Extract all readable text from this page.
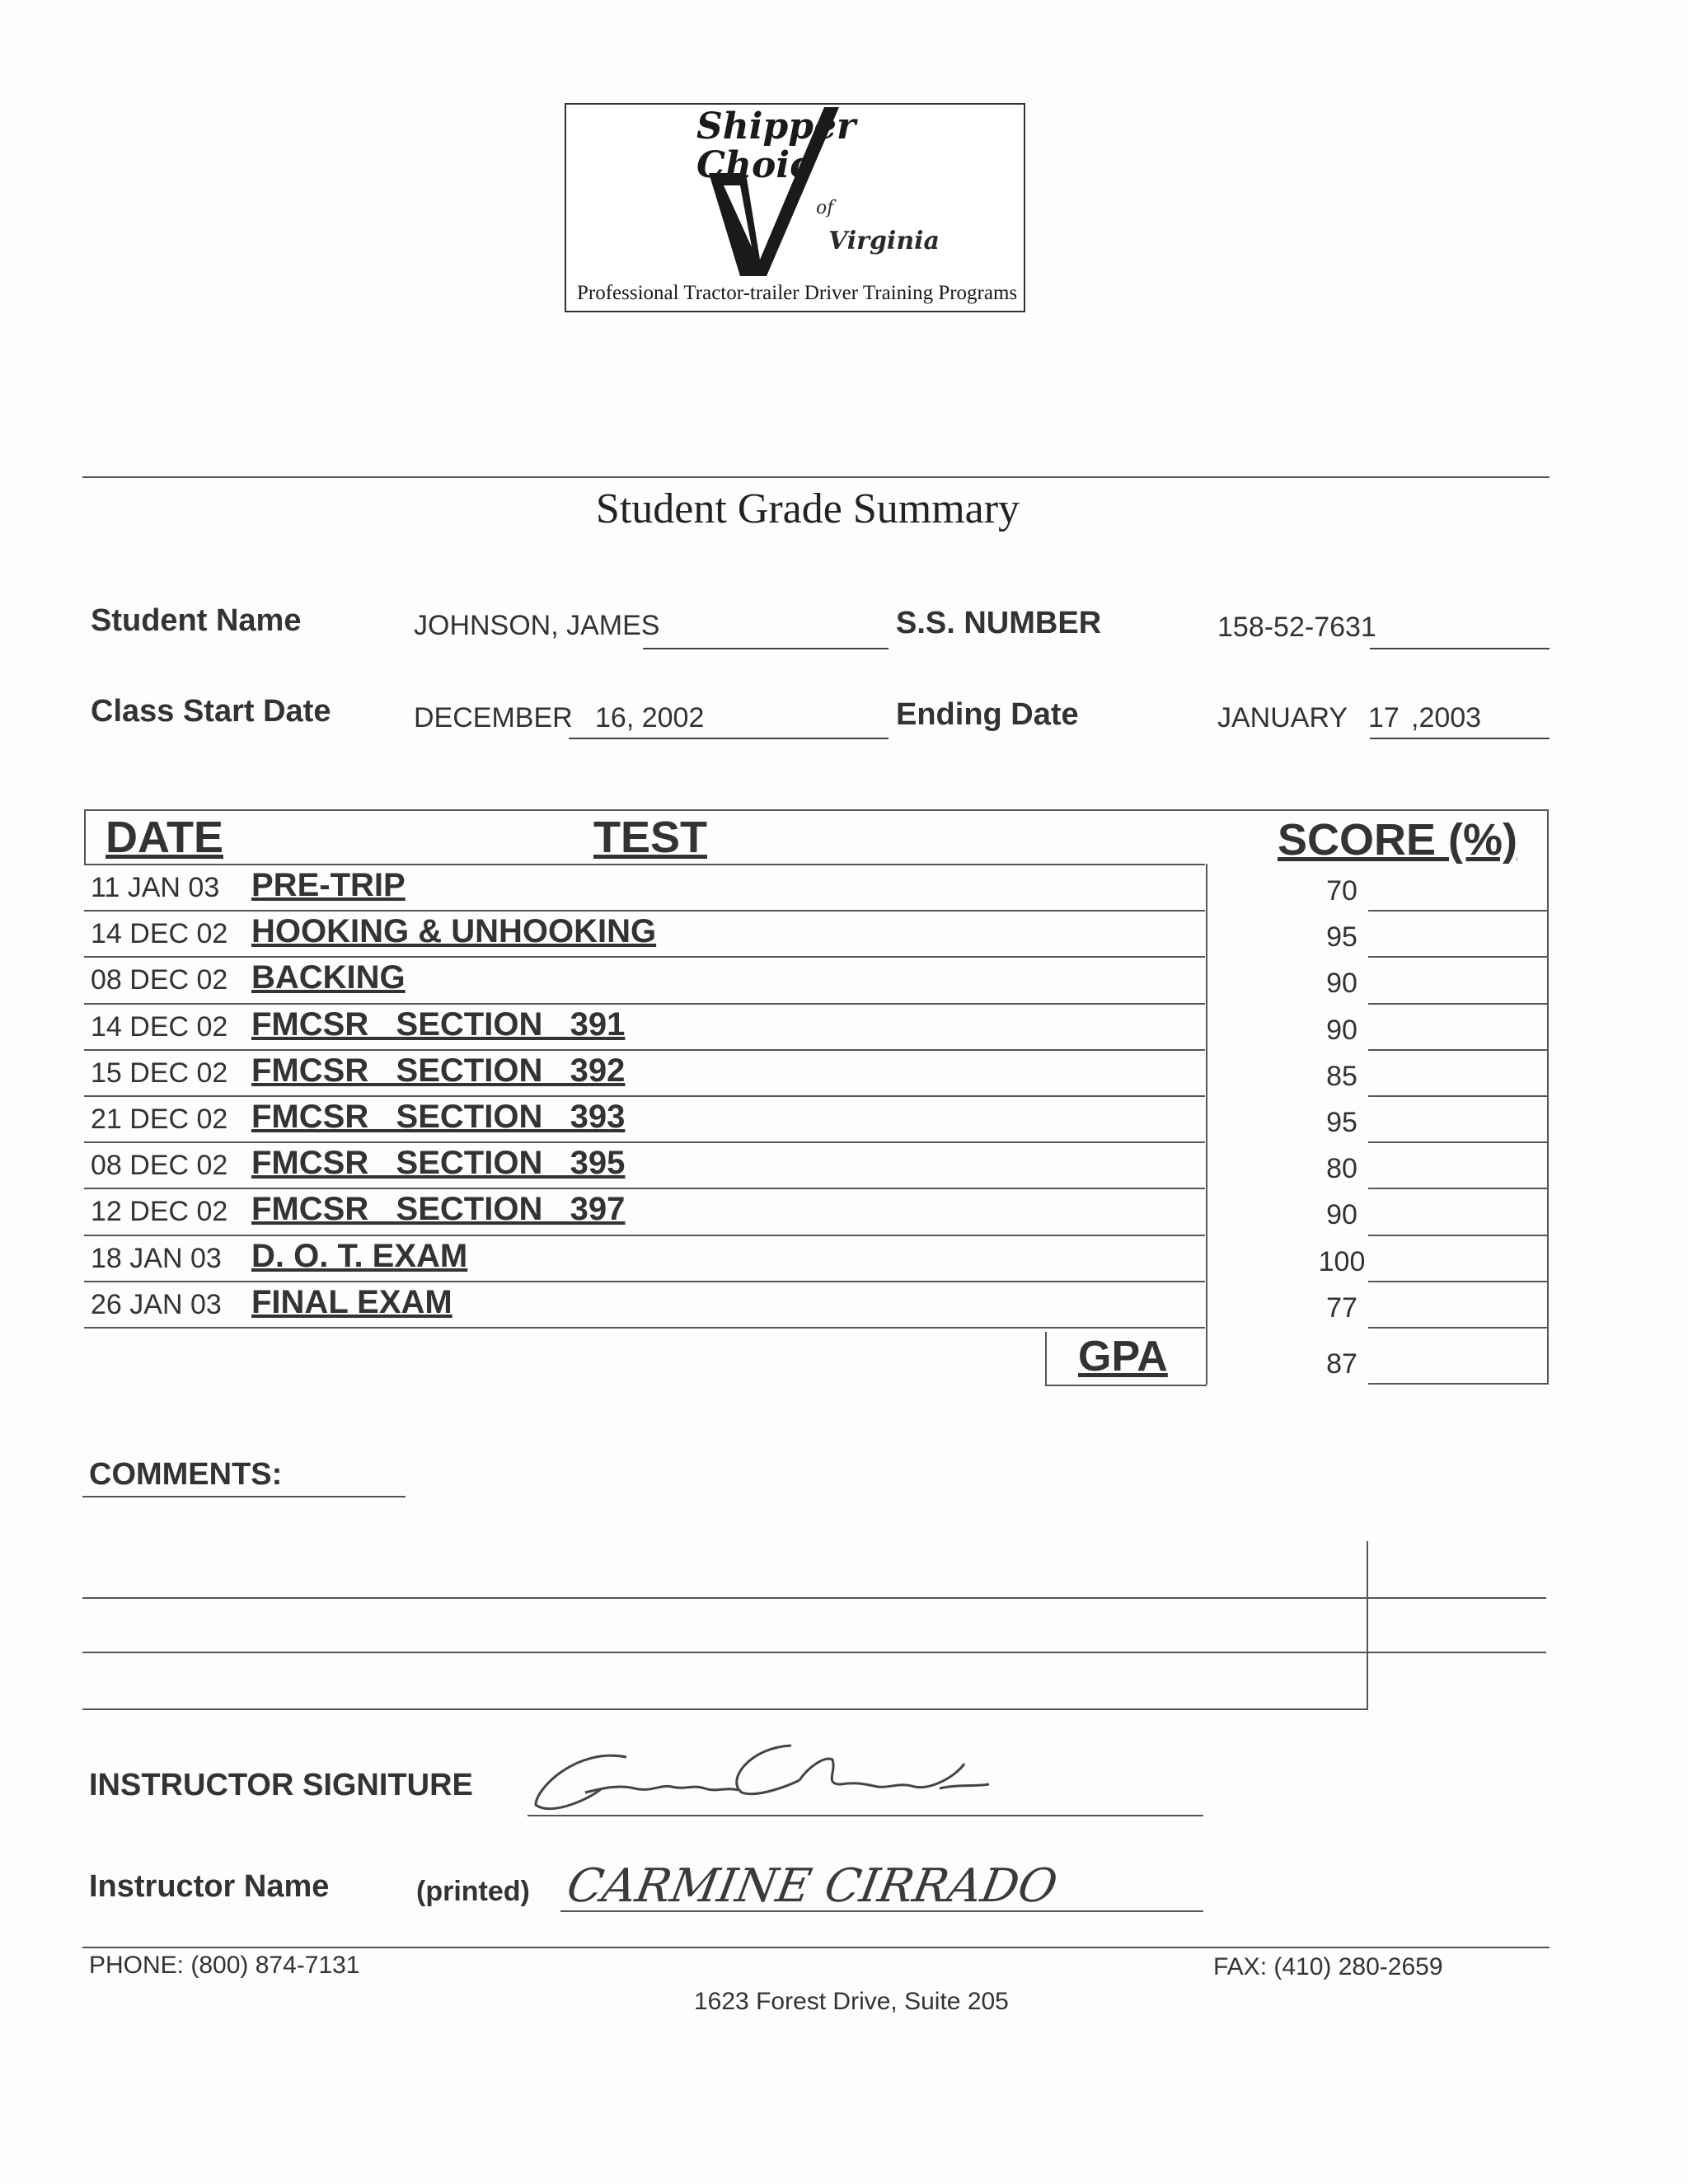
Shipper
Choic
of
Virginia
Professional Tractor-trailer Driver Training Programs
Student Grade Summary
Student Name	JOHNSON, JAMES	S.S. NUMBER	158-52-7631
Class Start Date	DECEMBER 16, 2002	Ending Date	JANUARY 17 ,2003
DATE	TEST	SCORE (%)
11 JAN 03 PRE-TRIP	70
14 DEC 02 HOOKING & UNHOOKING	95
08 DEC 02 BACKING	90
14 DEC 02 FMCSR   SECTION   391	90
15 DEC 02 FMCSR   SECTION   392	85
21 DEC 02 FMCSR   SECTION   393	95
08 DEC 02 FMCSR   SECTION   395	80
12 DEC 02 FMCSR   SECTION   397	90
18 JAN 03 D. O. T. EXAM	100
26 JAN 03 FINAL EXAM	77
GPA	87
COMMENTS:
INSTRUCTOR SIGNITURE
Instructor Name	(printed) CARMINE CIRRADO
PHONE: (800) 874-7131	FAX: (410) 280-2659
1623 Forest Drive, Suite 205
